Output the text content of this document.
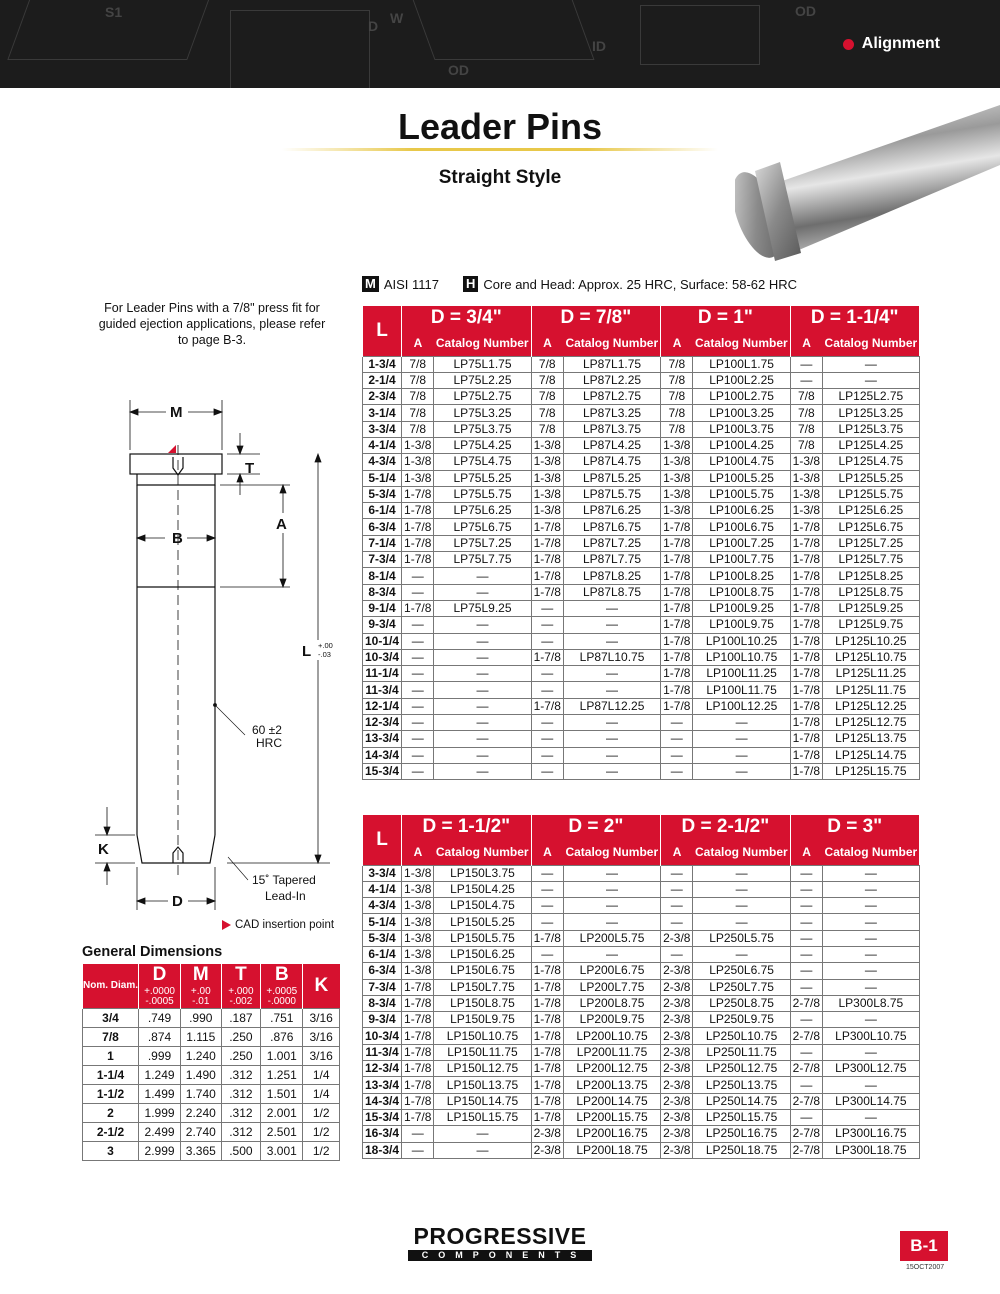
S1
D W
ID
OD
OD
Alignment
Leader Pins
Straight Style
M AISI 1117 H Core and Head: Approx. 25 HRC, Surface: 58-62 HRC
For Leader Pins with a 7/8" press fit for guided ejection applications, please refer to page B-3.
M
T
A
B
L
K
D
+.00
-.03
60 ±2
HRC
15˚ Tapered
Lead-In
CAD insertion point
L	D = 3/4"		D = 7/8"		D = 1"		D = 1-1/4"	
	A	Catalog Number	A	Catalog Number	A	Catalog Number	A	Catalog Number
1-3/4	7/8	LP75L1.75	7/8	LP87L1.75	7/8	LP100L1.75	—	—
2-1/4	7/8	LP75L2.25	7/8	LP87L2.25	7/8	LP100L2.25	—	—
2-3/4	7/8	LP75L2.75	7/8	LP87L2.75	7/8	LP100L2.75	7/8	LP125L2.75
3-1/4	7/8	LP75L3.25	7/8	LP87L3.25	7/8	LP100L3.25	7/8	LP125L3.25
3-3/4	7/8	LP75L3.75	7/8	LP87L3.75	7/8	LP100L3.75	7/8	LP125L3.75
4-1/4	1-3/8	LP75L4.25	1-3/8	LP87L4.25	1-3/8	LP100L4.25	7/8	LP125L4.25
4-3/4	1-3/8	LP75L4.75	1-3/8	LP87L4.75	1-3/8	LP100L4.75	1-3/8	LP125L4.75
5-1/4	1-3/8	LP75L5.25	1-3/8	LP87L5.25	1-3/8	LP100L5.25	1-3/8	LP125L5.25
5-3/4	1-7/8	LP75L5.75	1-3/8	LP87L5.75	1-3/8	LP100L5.75	1-3/8	LP125L5.75
6-1/4	1-7/8	LP75L6.25	1-3/8	LP87L6.25	1-3/8	LP100L6.25	1-3/8	LP125L6.25
6-3/4	1-7/8	LP75L6.75	1-7/8	LP87L6.75	1-7/8	LP100L6.75	1-7/8	LP125L6.75
7-1/4	1-7/8	LP75L7.25	1-7/8	LP87L7.25	1-7/8	LP100L7.25	1-7/8	LP125L7.25
7-3/4	1-7/8	LP75L7.75	1-7/8	LP87L7.75	1-7/8	LP100L7.75	1-7/8	LP125L7.75
8-1/4	—	—	1-7/8	LP87L8.25	1-7/8	LP100L8.25	1-7/8	LP125L8.25
8-3/4	—	—	1-7/8	LP87L8.75	1-7/8	LP100L8.75	1-7/8	LP125L8.75
9-1/4	1-7/8	LP75L9.25	—	—	1-7/8	LP100L9.25	1-7/8	LP125L9.25
9-3/4	—	—	—	—	1-7/8	LP100L9.75	1-7/8	LP125L9.75
10-1/4	—	—	—	—	1-7/8	LP100L10.25	1-7/8	LP125L10.25
10-3/4	—	—	1-7/8	LP87L10.75	1-7/8	LP100L10.75	1-7/8	LP125L10.75
11-1/4	—	—	—	—	1-7/8	LP100L11.25	1-7/8	LP125L11.25
11-3/4	—	—	—	—	1-7/8	LP100L11.75	1-7/8	LP125L11.75
12-1/4	—	—	1-7/8	LP87L12.25	1-7/8	LP100L12.25	1-7/8	LP125L12.25
12-3/4	—	—	—	—	—	—	1-7/8	LP125L12.75
13-3/4	—	—	—	—	—	—	1-7/8	LP125L13.75
14-3/4	—	—	—	—	—	—	1-7/8	LP125L14.75
15-3/4	—	—	—	—	—	—	1-7/8	LP125L15.75
L	D = 1-1/2"		D = 2"		D = 2-1/2"		D = 3"	
	A	Catalog Number	A	Catalog Number	A	Catalog Number	A	Catalog Number
3-3/4	1-3/8	LP150L3.75	—	—	—	—	—	—
4-1/4	1-3/8	LP150L4.25	—	—	—	—	—	—
4-3/4	1-3/8	LP150L4.75	—	—	—	—	—	—
5-1/4	1-3/8	LP150L5.25	—	—	—	—	—	—
5-3/4	1-3/8	LP150L5.75	1-7/8	LP200L5.75	2-3/8	LP250L5.75	—	—
6-1/4	1-3/8	LP150L6.25	—	—	—	—	—	—
6-3/4	1-3/8	LP150L6.75	1-7/8	LP200L6.75	2-3/8	LP250L6.75	—	—
7-3/4	1-7/8	LP150L7.75	1-7/8	LP200L7.75	2-3/8	LP250L7.75	—	—
8-3/4	1-7/8	LP150L8.75	1-7/8	LP200L8.75	2-3/8	LP250L8.75	2-7/8	LP300L8.75
9-3/4	1-7/8	LP150L9.75	1-7/8	LP200L9.75	2-3/8	LP250L9.75	—	—
10-3/4	1-7/8	LP150L10.75	1-7/8	LP200L10.75	2-3/8	LP250L10.75	2-7/8	LP300L10.75
11-3/4	1-7/8	LP150L11.75	1-7/8	LP200L11.75	2-3/8	LP250L11.75	—	—
12-3/4	1-7/8	LP150L12.75	1-7/8	LP200L12.75	2-3/8	LP250L12.75	2-7/8	LP300L12.75
13-3/4	1-7/8	LP150L13.75	1-7/8	LP200L13.75	2-3/8	LP250L13.75	—	—
14-3/4	1-7/8	LP150L14.75	1-7/8	LP200L14.75	2-3/8	LP250L14.75	2-7/8	LP300L14.75
15-3/4	1-7/8	LP150L15.75	1-7/8	LP200L15.75	2-3/8	LP250L15.75	—	—
16-3/4	—	—	2-3/8	LP200L16.75	2-3/8	LP250L16.75	2-7/8	LP300L16.75
18-3/4	—	—	2-3/8	LP200L18.75	2-3/8	LP250L18.75	2-7/8	LP300L18.75
General Dimensions
Nom. Diam.	D	M	T	B	K
	+.0000
-.0005	+.00
-.01	+.000
-.002	+.0005
-.0000	
3/4	.749	.990	.187	.751	3/16
7/8	.874	1.115	.250	.876	3/16
1	.999	1.240	.250	1.001	3/16
1-1/4	1.249	1.490	.312	1.251	1/4
1-1/2	1.499	1.740	.312	1.501	1/4
2	1.999	2.240	.312	2.001	1/2
2-1/2	2.499	2.740	.312	2.501	1/2
3	2.999	3.365	.500	3.001	1/2
PROGRESSIVE
COMPONENTS	B-1
15OCT2007
